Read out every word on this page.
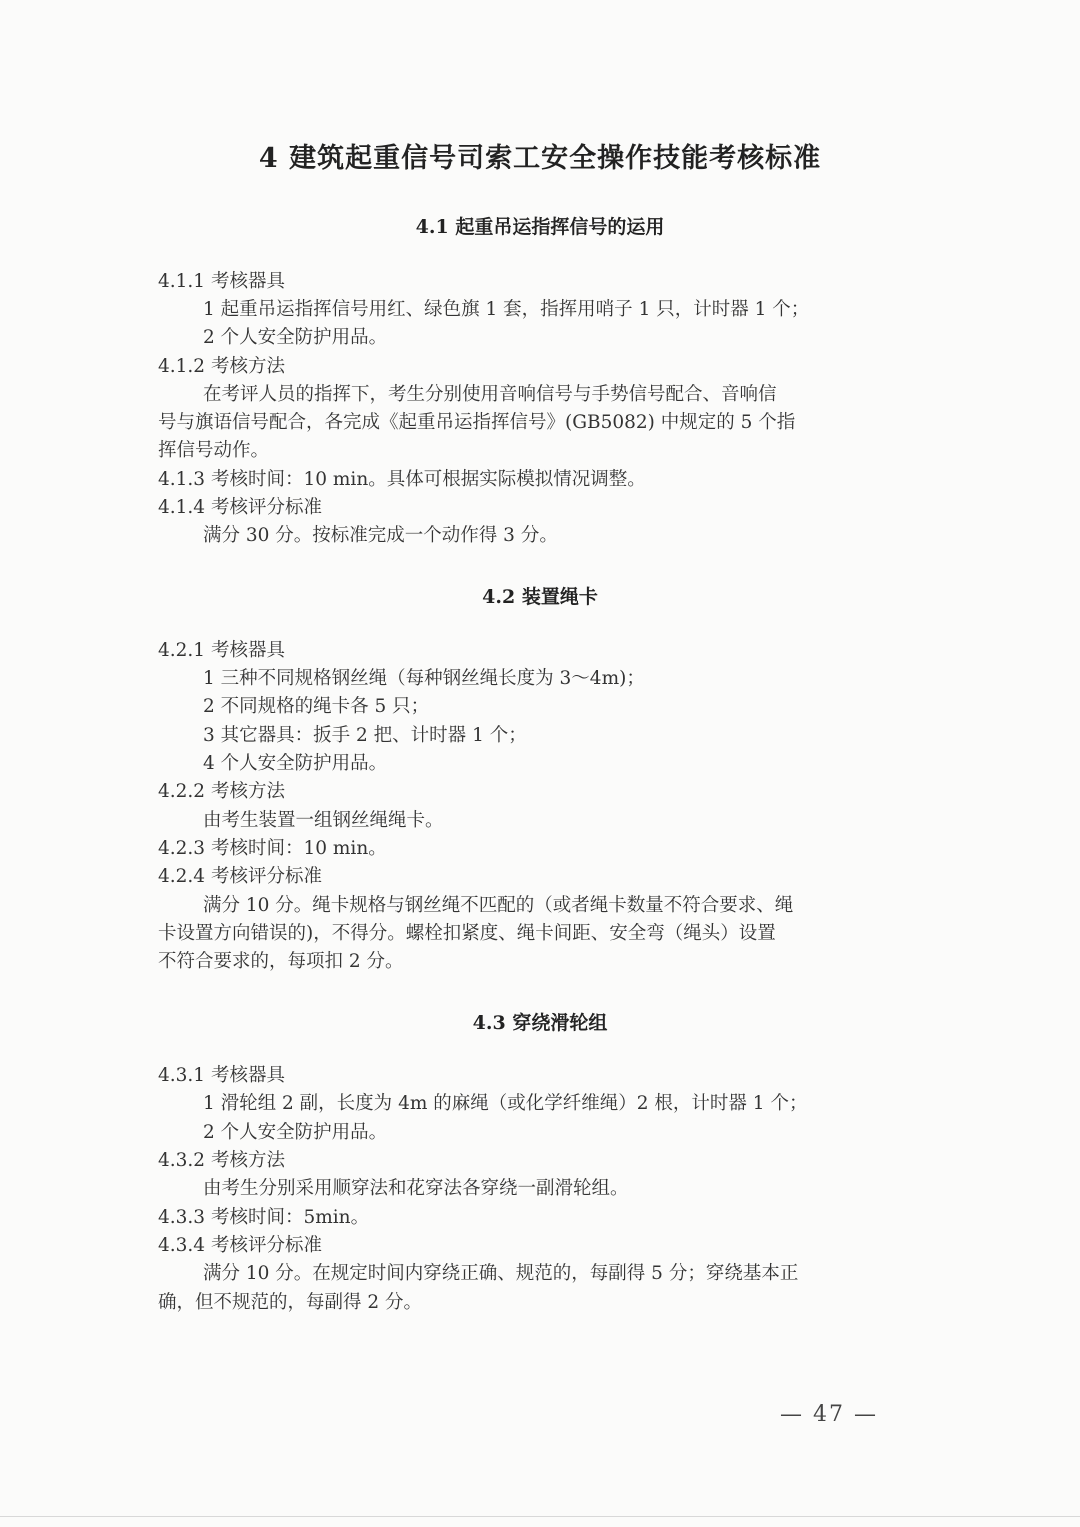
4 建筑起重信号司索工安全操作技能考核标准
4.1 起重吊运指挥信号的运用
4.1.1 考核器具
1 起重吊运指挥信号用红、绿色旗 1 套，指挥用哨子 1 只，计时器 1 个；
2 个人安全防护用品。
4.1.2 考核方法
在考评人员的指挥下，考生分别使用音响信号与手势信号配合、音响信
号与旗语信号配合，各完成《起重吊运指挥信号》(GB5082) 中规定的 5 个指
挥信号动作。
4.1.3 考核时间：10 min。具体可根据实际模拟情况调整。
4.1.4 考核评分标准
满分 30 分。按标准完成一个动作得 3 分。
4.2 装置绳卡
4.2.1 考核器具
1 三种不同规格钢丝绳（每种钢丝绳长度为 3～4m)；
2 不同规格的绳卡各 5 只；
3 其它器具：扳手 2 把、计时器 1 个；
4 个人安全防护用品。
4.2.2 考核方法
由考生装置一组钢丝绳绳卡。
4.2.3 考核时间：10 min。
4.2.4 考核评分标准
满分 10 分。绳卡规格与钢丝绳不匹配的（或者绳卡数量不符合要求、绳
卡设置方向错误的)，不得分。螺栓扣紧度、绳卡间距、安全弯（绳头）设置
不符合要求的，每项扣 2 分。
4.3 穿绕滑轮组
4.3.1 考核器具
1 滑轮组 2 副，长度为 4m 的麻绳（或化学纤维绳）2 根，计时器 1 个；
2 个人安全防护用品。
4.3.2 考核方法
由考生分别采用顺穿法和花穿法各穿绕一副滑轮组。
4.3.3 考核时间：5min。
4.3.4 考核评分标准
满分 10 分。在规定时间内穿绕正确、规范的，每副得 5 分；穿绕基本正
确，但不规范的，每副得 2 分。
— 47 —
